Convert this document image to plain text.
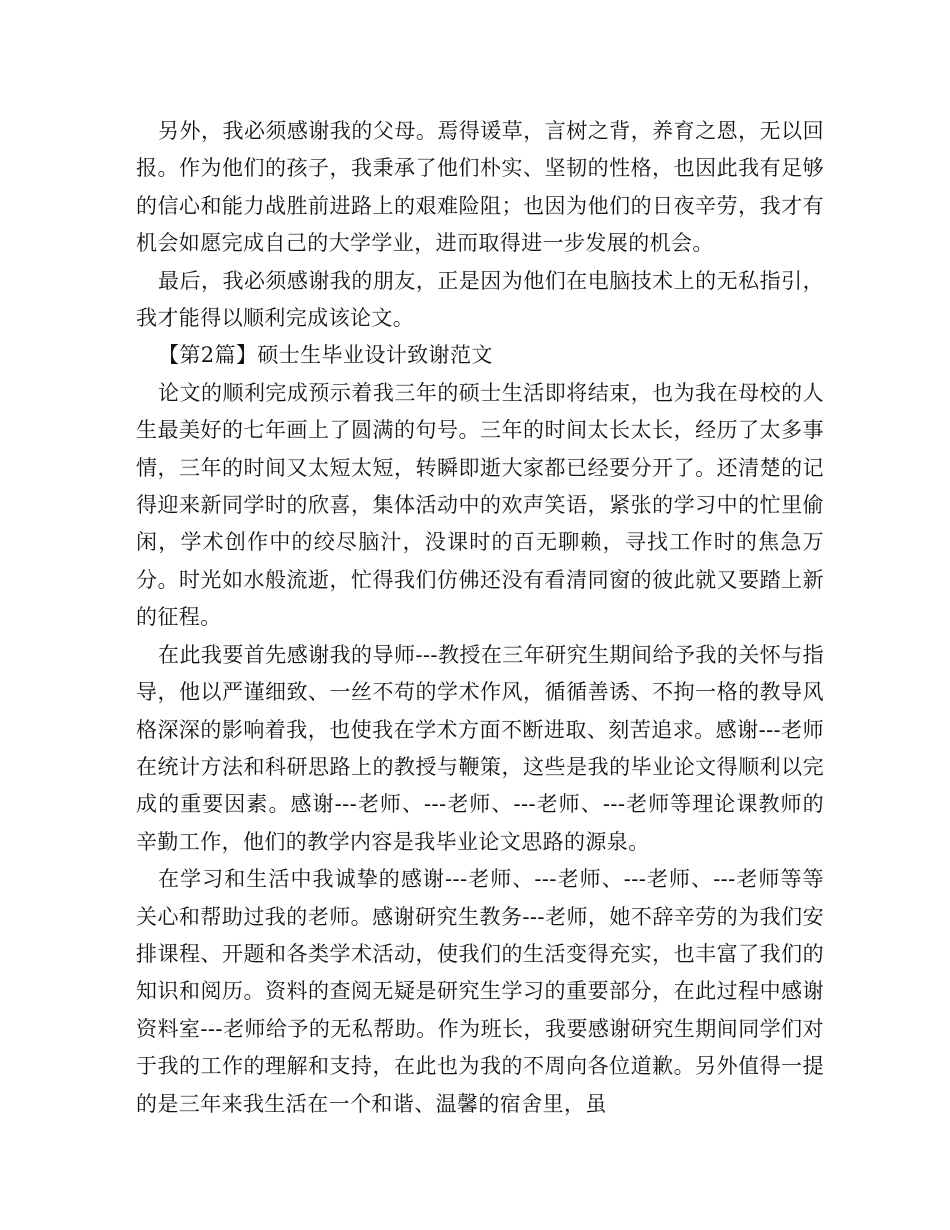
另外，我必须感谢我的父母。焉得谖草，言树之背，养育之恩，无以回报。作为他们的孩子，我秉承了他们朴实、坚韧的性格，也因此我有足够的信心和能力战胜前进路上的艰难险阻；也因为他们的日夜辛劳，我才有机会如愿完成自己的大学学业，进而取得进一步发展的机会。

最后，我必须感谢我的朋友，正是因为他们在电脑技术上的无私指引，我才能得以顺利完成该论文。

【第2篇】硕士生毕业设计致谢范文

论文的顺利完成预示着我三年的硕士生活即将结束，也为我在母校的人生最美好的七年画上了圆满的句号。三年的时间太长太长，经历了太多事情，三年的时间又太短太短，转瞬即逝大家都已经要分开了。还清楚的记得迎来新同学时的欣喜，集体活动中的欢声笑语，紧张的学习中的忙里偷闲，学术创作中的绞尽脑汁，没课时的百无聊赖，寻找工作时的焦急万分。时光如水般流逝，忙得我们仿佛还没有看清同窗的彼此就又要踏上新的征程。

在此我要首先感谢我的导师---教授在三年研究生期间给予我的关怀与指导，他以严谨细致、一丝不苟的学术作风，循循善诱、不拘一格的教导风格深深的影响着我，也使我在学术方面不断进取、刻苦追求。感谢---老师在统计方法和科研思路上的教授与鞭策，这些是我的毕业论文得顺利以完成的重要因素。感谢---老师、---老师、---老师、---老师等理论课教师的辛勤工作，他们的教学内容是我毕业论文思路的源泉。

在学习和生活中我诚挚的感谢---老师、---老师、---老师、---老师等等关心和帮助过我的老师。感谢研究生教务---老师，她不辞辛劳的为我们安排课程、开题和各类学术活动，使我们的生活变得充实，也丰富了我们的知识和阅历。资料的查阅无疑是研究生学习的重要部分，在此过程中感谢资料室---老师给予的无私帮助。作为班长，我要感谢研究生期间同学们对于我的工作的理解和支持，在此也为我的不周向各位道歉。另外值得一提的是三年来我生活在一个和谐、温馨的宿舍里，虽
